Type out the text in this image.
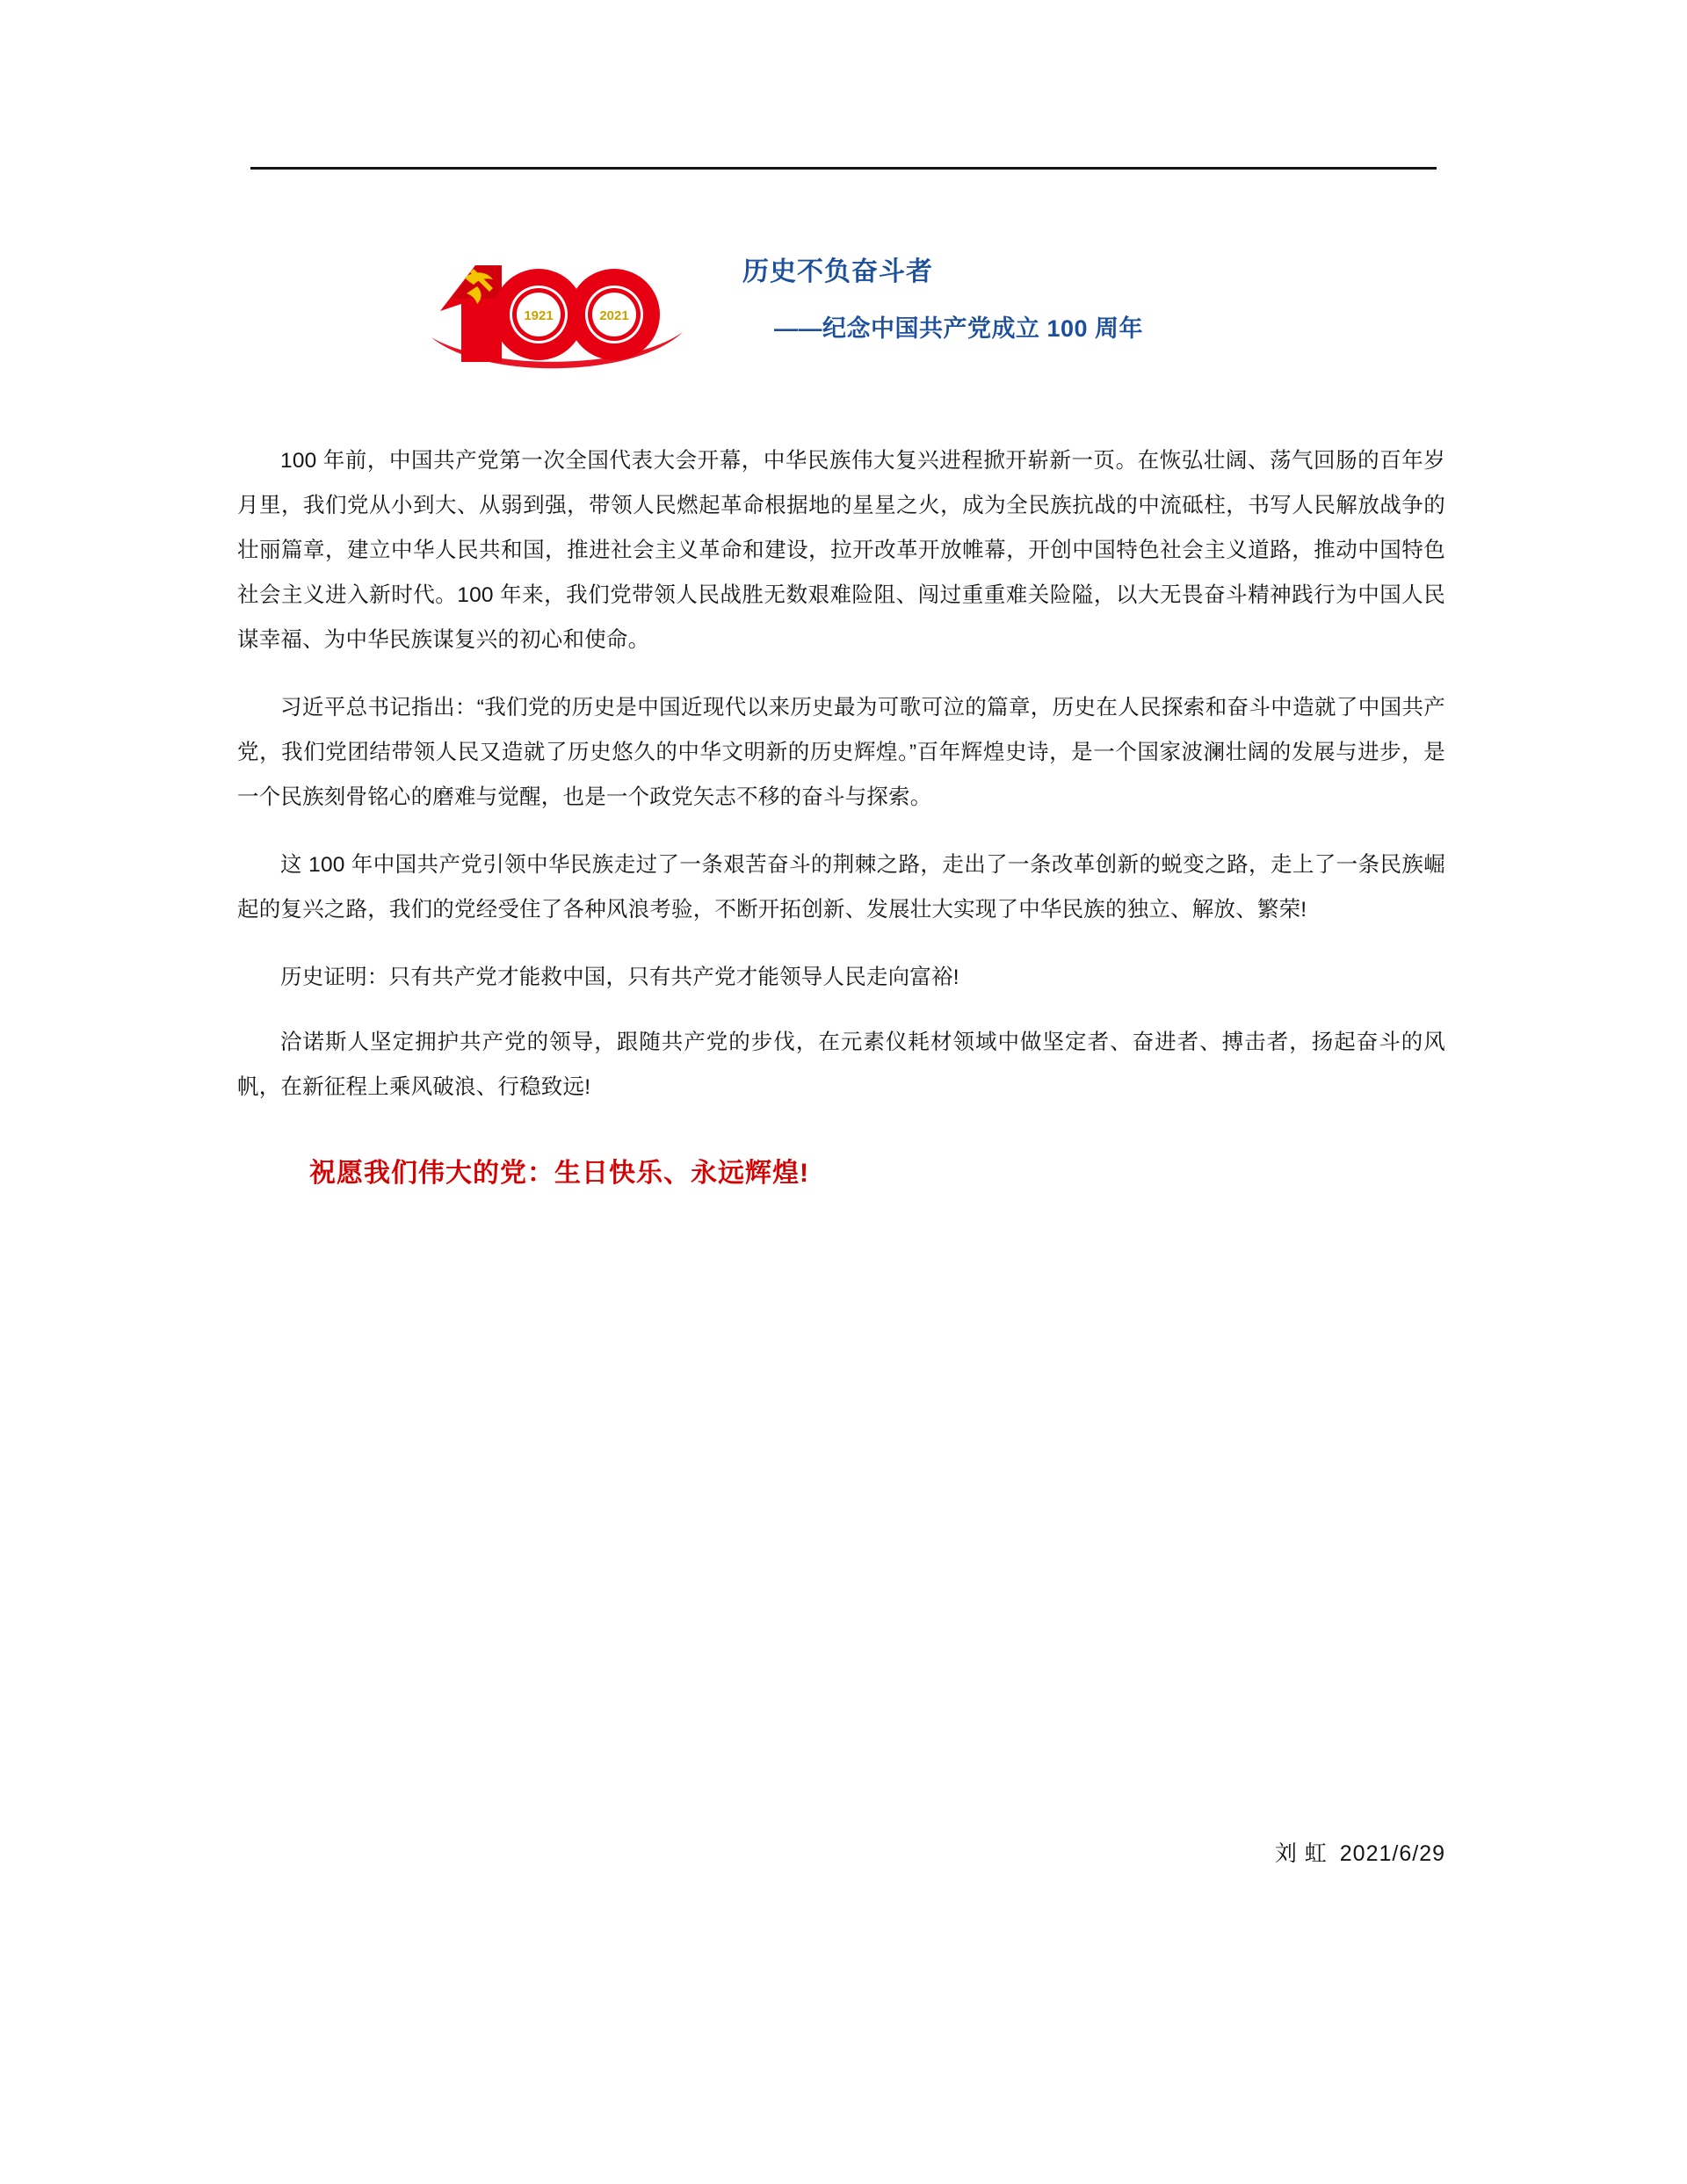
1921	2021
历史不负奋斗者
——纪念中国共产党成立 100 周年

100 年前，中国共产党第一次全国代表大会开幕，中华民族伟大复兴进程掀开崭新一页。在恢弘壮阔、荡气回肠的百年岁月里，我们党从小到大、从弱到强，带领人民燃起革命根据地的星星之火，成为全民族抗战的中流砥柱，书写人民解放战争的壮丽篇章，建立中华人民共和国，推进社会主义革命和建设，拉开改革开放帷幕，开创中国特色社会主义道路，推动中国特色社会主义进入新时代。100 年来，我们党带领人民战胜无数艰难险阻、闯过重重难关险隘，以大无畏奋斗精神践行为中国人民谋幸福、为中华民族谋复兴的初心和使命。

习近平总书记指出：“我们党的历史是中国近现代以来历史最为可歌可泣的篇章，历史在人民探索和奋斗中造就了中国共产党，我们党团结带领人民又造就了历史悠久的中华文明新的历史辉煌。”百年辉煌史诗，是一个国家波澜壮阔的发展与进步，是一个民族刻骨铭心的磨难与觉醒，也是一个政党矢志不移的奋斗与探索。

这 100 年中国共产党引领中华民族走过了一条艰苦奋斗的荆棘之路，走出了一条改革创新的蜕变之路，走上了一条民族崛起的复兴之路，我们的党经受住了各种风浪考验，不断开拓创新、发展壮大实现了中华民族的独立、解放、繁荣!

历史证明：只有共产党才能救中国，只有共产党才能领导人民走向富裕!

洽诺斯人坚定拥护共产党的领导，跟随共产党的步伐，在元素仪耗材领域中做坚定者、奋进者、搏击者，扬起奋斗的风帆，在新征程上乘风破浪、行稳致远!

祝愿我们伟大的党：生日快乐、永远辉煌!

刘 虹 2021/6/29
